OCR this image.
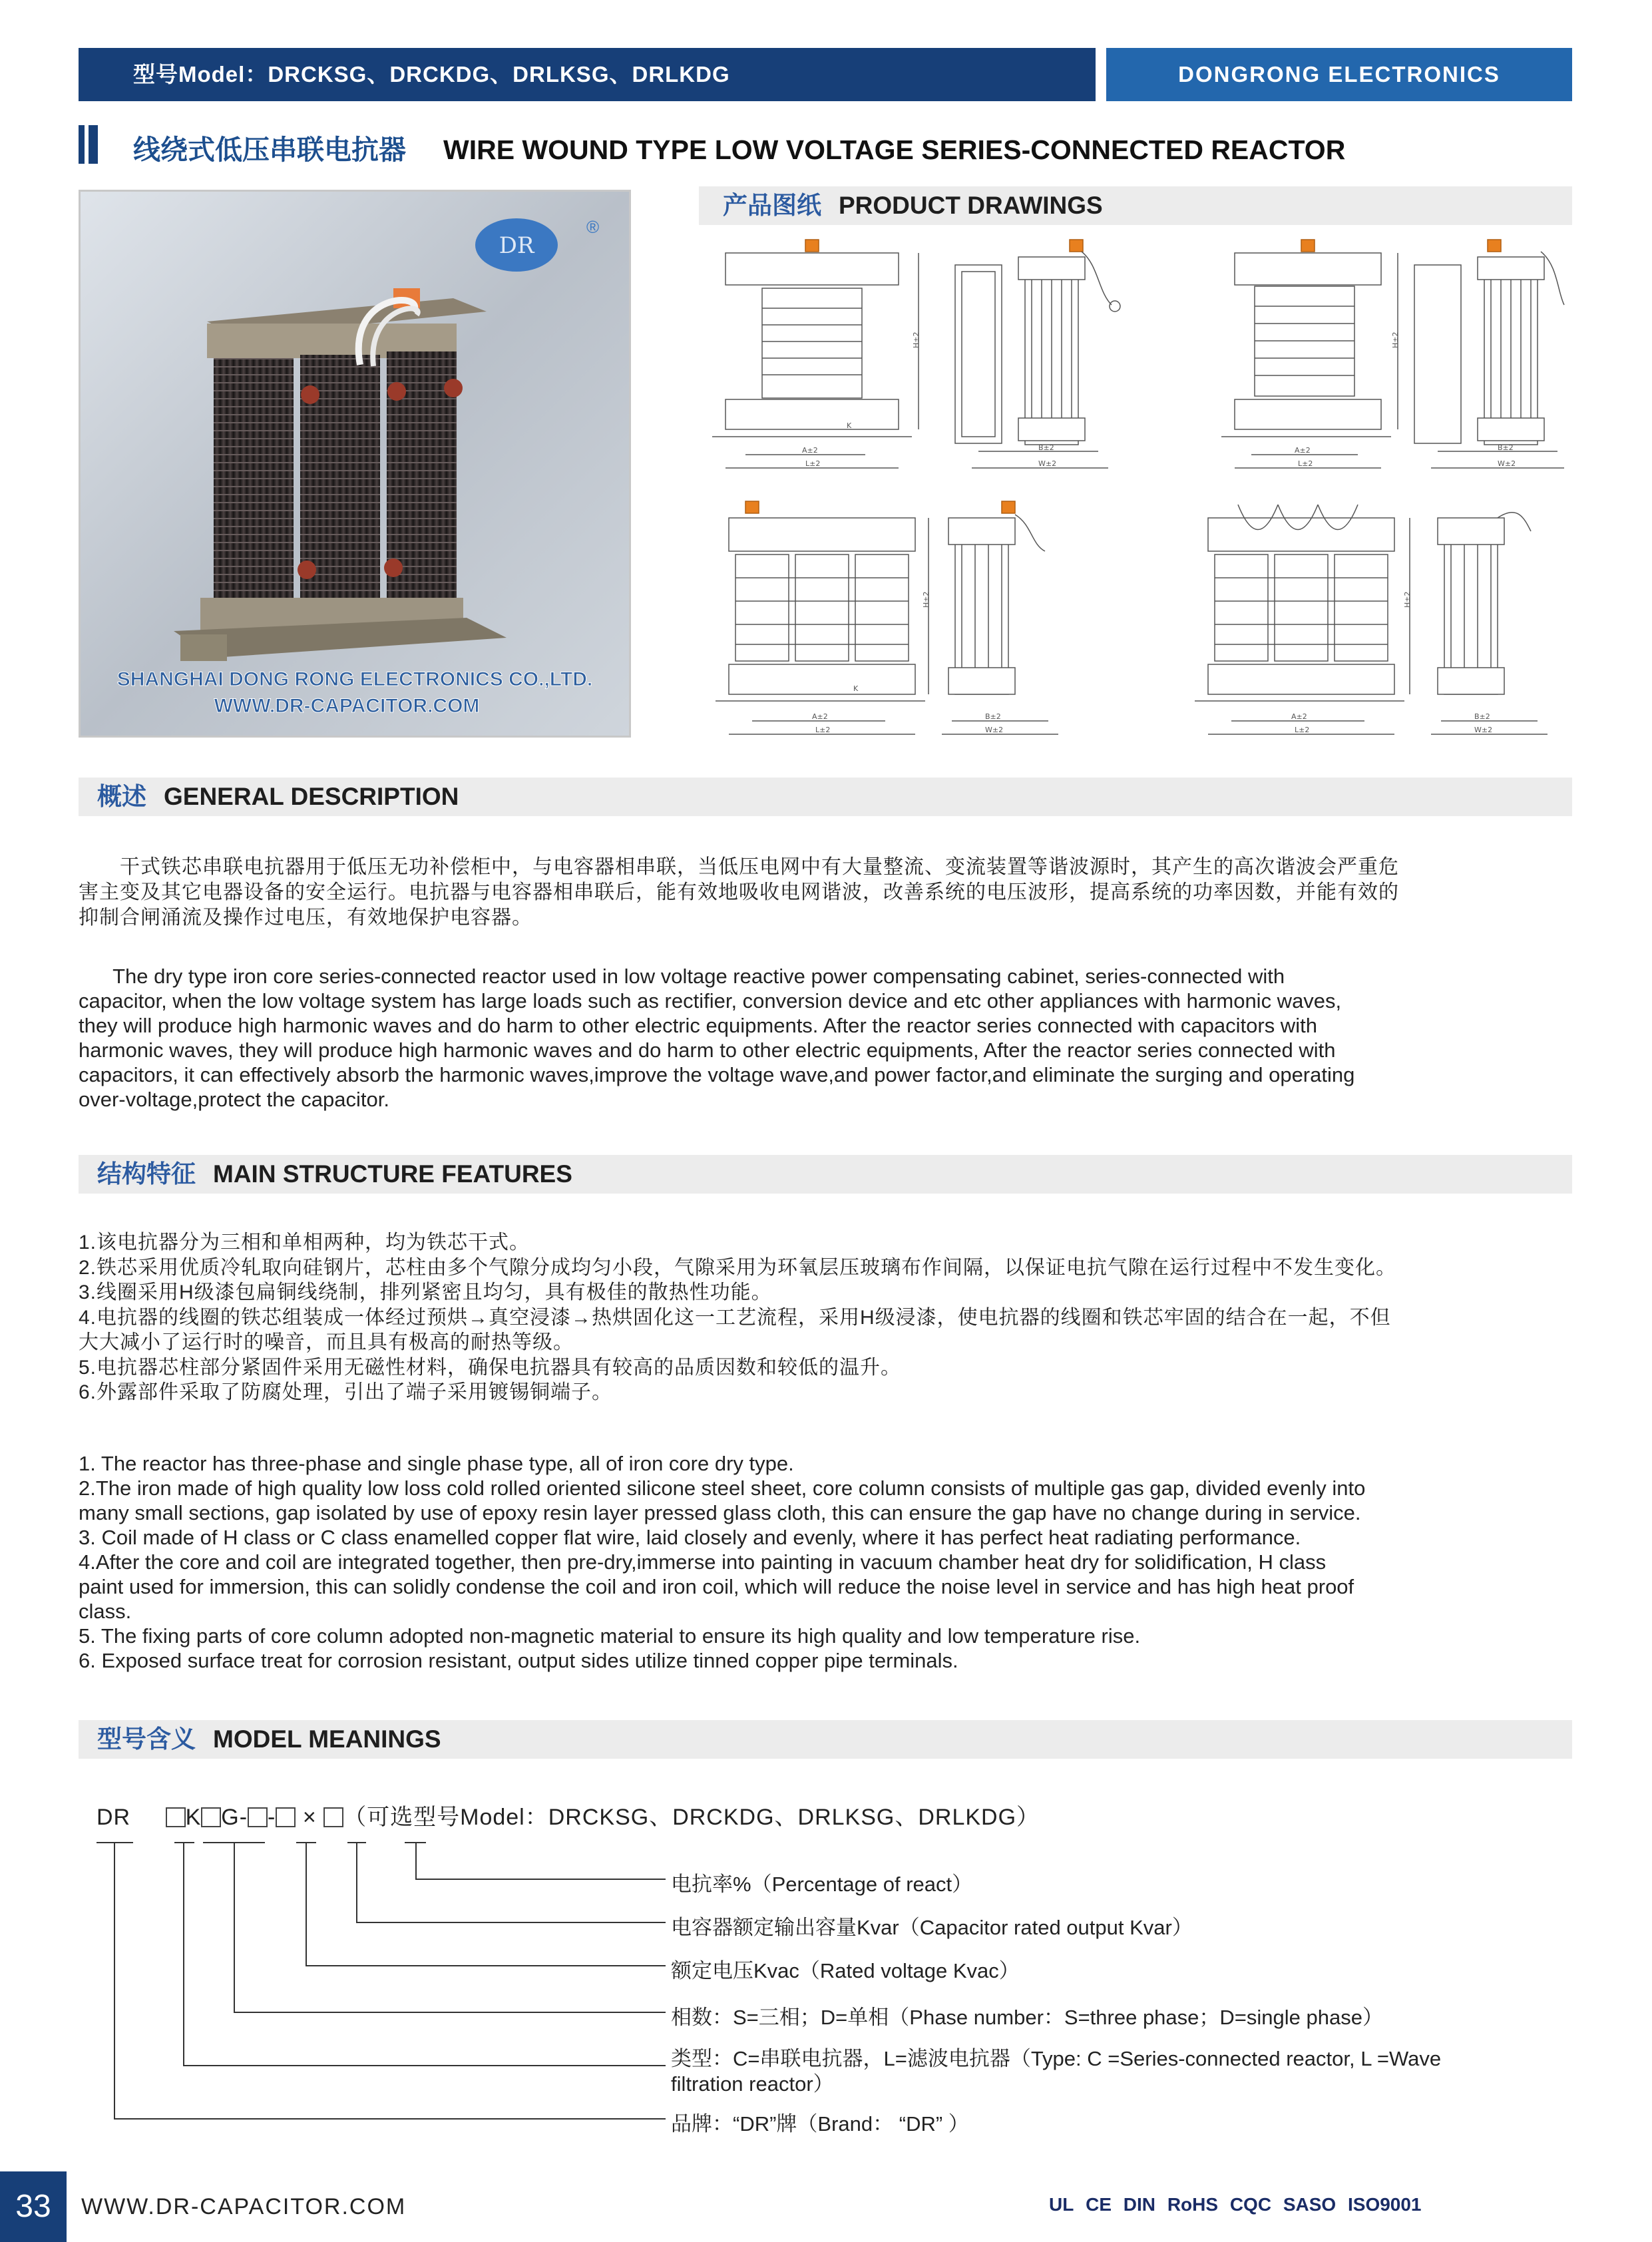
型号Model：DRCKSG、DRCKDG、DRLKSG、DRLKDG	DONGRONG ELECTRONICS
线绕式低压串联电抗器 WIRE WOUND TYPE LOW VOLTAGE SERIES-CONNECTED REACTOR
DR
®
SHANGHAI DONG RONG ELECTRONICS CO.,LTD.
WWW.DR-CAPACITOR.COM
产品图纸 PRODUCT DRAWINGS
H±2
A±2
L±2
K
B±2
W±2
H±2
A±2
L±2
B±2
W±2
H±2
A±2
L±2
K
B±2
W±2
H±2
A±2
L±2
B±2
W±2
概述 GENERAL DESCRIPTION
　　干式铁芯串联电抗器用于低压无功补偿柜中，与电容器相串联，当低压电网中有大量整流、变流装置等谐波源时，其产生的高次谐波会严重危
害主变及其它电器设备的安全运行。电抗器与电容器相串联后，能有效地吸收电网谐波，改善系统的电压波形，提高系统的功率因数，并能有效的
抑制合闸涌流及操作过电压，有效地保护电容器。
The dry type iron core series-connected reactor used in low voltage reactive power compensating cabinet, series-connected with
capacitor, when the low voltage system has large loads such as rectifier, conversion device and etc other appliances with harmonic waves,
they will produce high harmonic waves and do harm to other electric equipments. After the reactor series connected with capacitors with
harmonic waves, they will produce high harmonic waves and do harm to other electric equipments, After the reactor series connected with
capacitors, it can effectively absorb the harmonic waves,improve the voltage wave,and power factor,and eliminate the surging and operating
over-voltage,protect the capacitor.
结构特征 MAIN STRUCTURE FEATURES
1.该电抗器分为三相和单相两种，均为铁芯干式。
2.铁芯采用优质冷轧取向硅钢片，芯柱由多个气隙分成均匀小段，气隙采用为环氧层压玻璃布作间隔，以保证电抗气隙在运行过程中不发生变化。
3.线圈采用H级漆包扁铜线绕制，排列紧密且均匀，具有极佳的散热性功能。
4.电抗器的线圈的铁芯组装成一体经过预烘→真空浸漆→热烘固化这一工艺流程，采用H级浸漆，使电抗器的线圈和铁芯牢固的结合在一起，不但
大大减小了运行时的噪音，而且具有极高的耐热等级。
5.电抗器芯柱部分紧固件采用无磁性材料，确保电抗器具有较高的品质因数和较低的温升。
6.外露部件采取了防腐处理，引出了端子采用镀锡铜端子。
1. The reactor has three-phase and single phase type, all of iron core dry type.
2.The iron made of high quality low loss cold rolled oriented silicone steel sheet, core column consists of multiple gas gap, divided evenly into
many small sections, gap isolated by use of epoxy resin layer pressed glass cloth, this can ensure the gap have no change during in service.
3. Coil made of H class or C class enamelled copper flat wire, laid closely and evenly, where it has perfect heat radiating performance.
4.After the core and coil are integrated together, then pre-dry,immerse into painting in vacuum chamber heat dry for solidification, H class
paint used for immersion, this can solidly condense the coil and iron coil, which will reduce the noise level in service and has high heat proof
class.
5. The fixing parts of core column adopted non-magnetic material to ensure its high quality and low temperature rise.
6. Exposed surface treat for corrosion resistant, output sides utilize tinned copper pipe terminals.
型号含义 MODEL MEANINGS
DR K G- - × （可选型号Model：DRCKSG、DRCKDG、DRLKSG、DRLKDG）
电抗率%（Percentage of react）
电容器额定输出容量Kvar（Capacitor rated output Kvar）
额定电压Kvac（Rated voltage Kvac）
相数：S=三相；D=单相（Phase number：S=three phase；D=single phase）
类型：C=串联电抗器，L=滤波电抗器（Type: C =Series-connected reactor, L =Wave
filtration reactor）
品牌：“DR”牌（Brand： “DR” ）
33	WWW.DR-CAPACITOR.COM	UL CE DIN RoHS CQC SASO ISO9001
